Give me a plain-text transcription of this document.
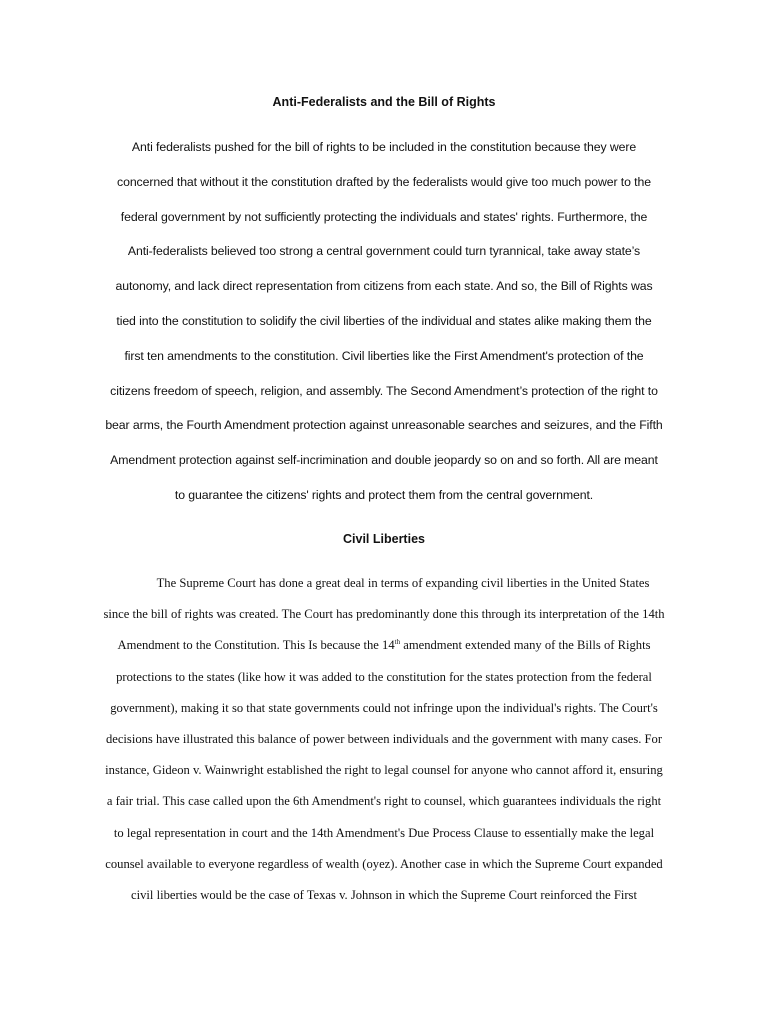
Anti-Federalists and the Bill of Rights

Anti federalists pushed for the bill of rights to be included in the constitution because they were
concerned that without it the constitution drafted by the federalists would give too much power to the
federal government by not sufficiently protecting the individuals and states' rights. Furthermore, the
Anti-federalists believed too strong a central government could turn tyrannical, take away state’s
autonomy, and lack direct representation from citizens from each state. And so, the Bill of Rights was
tied into the constitution to solidify the civil liberties of the individual and states alike making them the
first ten amendments to the constitution. Civil liberties like the First Amendment's protection of the
citizens freedom of speech, religion, and assembly. The Second Amendment’s protection of the right to
bear arms, the Fourth Amendment protection against unreasonable searches and seizures, and the Fifth
Amendment protection against self-incrimination and double jeopardy so on and so forth. All are meant
to guarantee the citizens' rights and protect them from the central government.

Civil Liberties

The Supreme Court has done a great deal in terms of expanding civil liberties in the United States
since the bill of rights was created. The Court has predominantly done this through its interpretation of the 14th
Amendment to the Constitution. This Is because the 14th amendment extended many of the Bills of Rights
protections to the states (like how it was added to the constitution for the states protection from the federal
government), making it so that state governments could not infringe upon the individual's rights. The Court's
decisions have illustrated this balance of power between individuals and the government with many cases. For
instance, Gideon v. Wainwright established the right to legal counsel for anyone who cannot afford it, ensuring
a fair trial. This case called upon the 6th Amendment's right to counsel, which guarantees individuals the right
to legal representation in court and the 14th Amendment's Due Process Clause to essentially make the legal
counsel available to everyone regardless of wealth (oyez). Another case in which the Supreme Court expanded
civil liberties would be the case of Texas v. Johnson in which the Supreme Court reinforced the First
